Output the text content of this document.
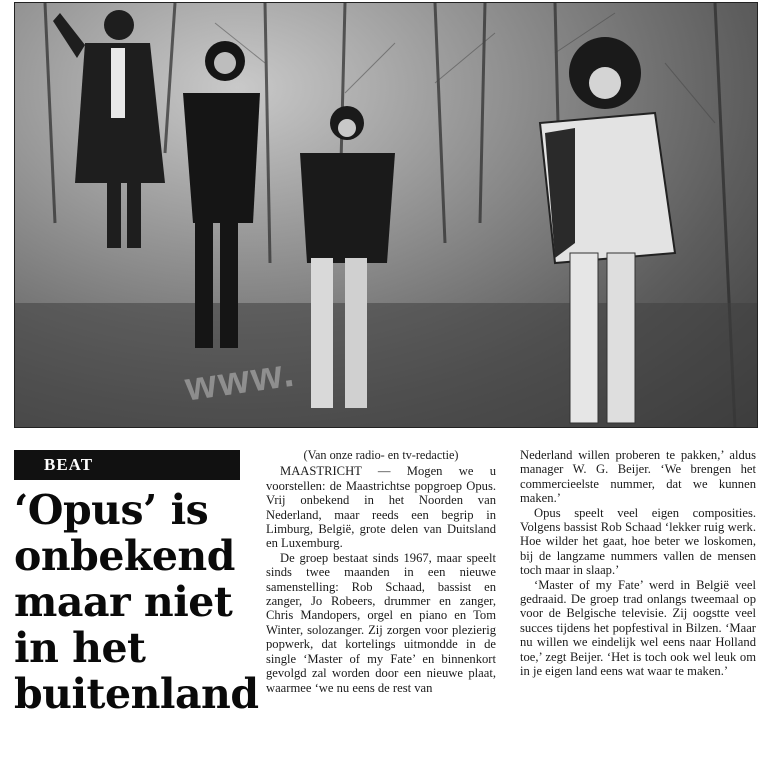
www.
BEAT
‘Opus’ is
onbekend
maar niet
in het
buitenland

(Van onze radio- en tv-redactie)

MAASTRICHT — Mogen we u voorstellen: de Maastrichtse popgroep Opus. Vrij onbekend in het Noorden van Nederland, maar reeds een begrip in Limburg, België, grote delen van Duitsland en Luxemburg.

De groep bestaat sinds 1967, maar speelt sinds twee maanden in een nieuwe samenstelling: Rob Schaad, bassist en zanger, Jo Robeers, drummer en zanger, Chris Mandopers, orgel en piano en Tom Winter, solozanger. Zij zorgen voor plezierig popwerk, dat kortelings uitmondde in de single ‘Master of my Fate’ en binnenkort gevolgd zal worden door een nieuwe plaat, waarmee ‘we nu eens de rest van

Nederland willen proberen te pakken,’ aldus manager W. G. Beijer. ‘We brengen het commercieelste nummer, dat we kunnen maken.’

Opus speelt veel eigen composities. Volgens bassist Rob Schaad ‘lekker ruig werk. Hoe wilder het gaat, hoe beter we loskomen, bij de langzame nummers vallen de mensen toch maar in slaap.’

‘Master of my Fate’ werd in België veel gedraaid. De groep trad onlangs tweemaal op voor de Belgische televisie. Zij oogstte veel succes tijdens het popfestival in Bilzen. ‘Maar nu willen we eindelijk wel eens naar Holland toe,’ zegt Beijer. ‘Het is toch ook wel leuk om in je eigen land eens wat waar te maken.’
